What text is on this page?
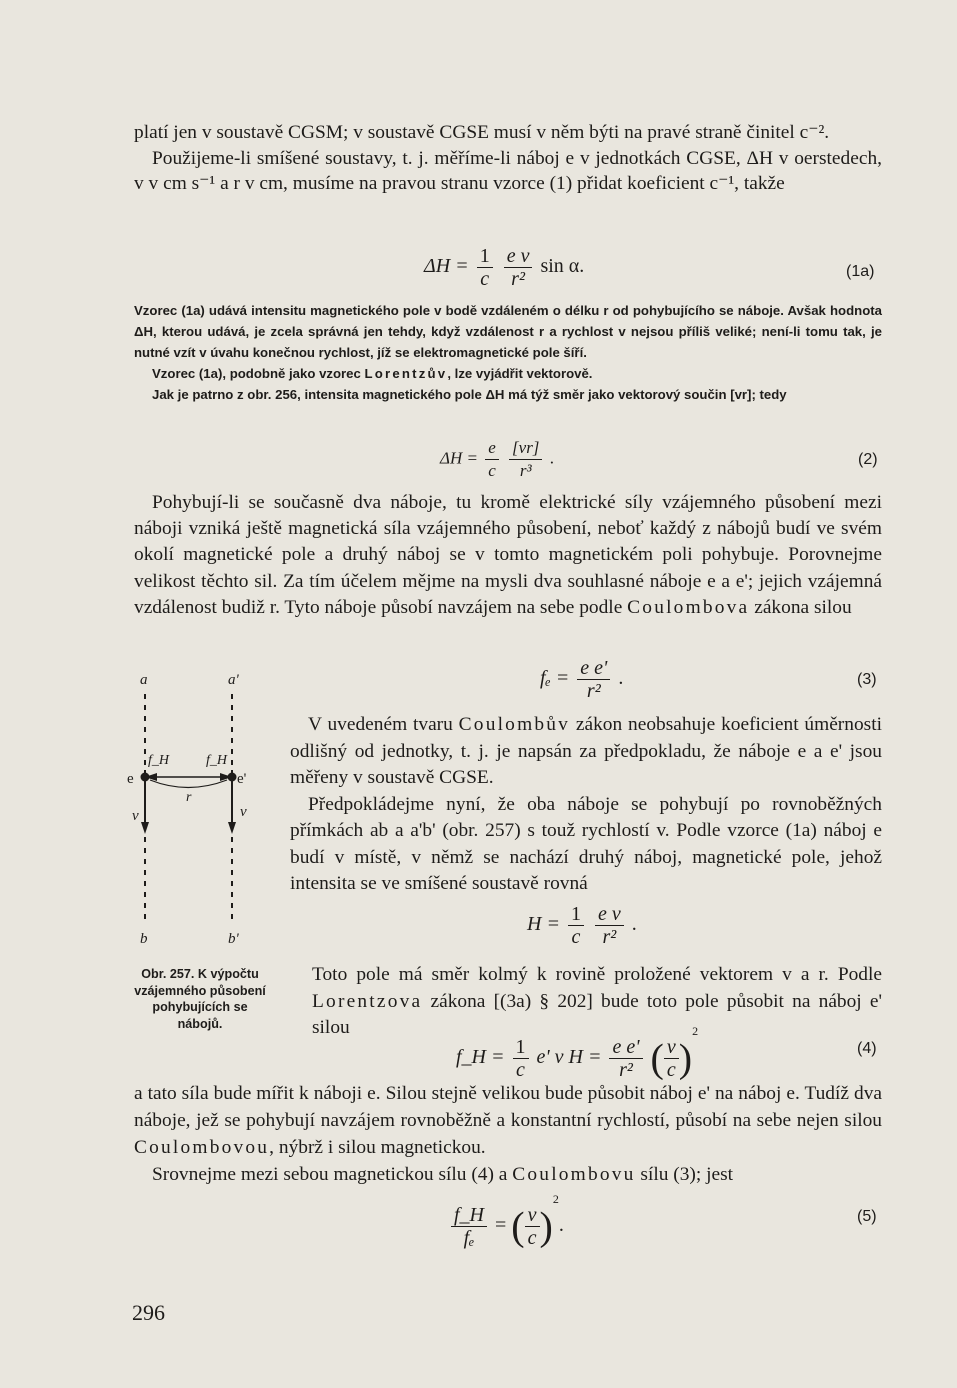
platí jen v soustavě CGSM; v soustavě CGSE musí v něm býti na pravé straně činitel c⁻².

Použijeme-li smíšené soustavy, t. j. měříme-li náboj e v jednotkách CGSE, ΔH v oerstedech, v v cm s⁻¹ a r v cm, musíme na pravou stranu vzorce (1) přidat koeficient c⁻¹, takže

$\Delta H = \frac{1}{c}$
$\frac{\text{e v}}{\text{r²}}$ sin α.	(1a)

Vzorec (1a) udává intensitu magnetického pole v bodě vzdáleném o délku r od pohybujícího se náboje. Avšak hodnota ΔH, kterou udává, je zcela správná jen tehdy, když vzdálenost r a rychlost v nejsou příliš veliké; není-li tomu tak, je nutné vzít v úvahu konečnou rychlost, jíž se elektromagnetické pole šíří.

Vzorec (1a), podobně jako vzorec Lorentzův, lze vyjádřit vektorově.

Jak je patrno z obr. 256, intensita magnetického pole ΔH má týž směr jako vektorový součin [vr]; tedy

$\Delta H = \frac{e}{c}$
$\frac{[vr]}{\text{r³}}$ .	(2)

Pohybují-li se současně dva náboje, tu kromě elektrické síly vzájemného působení mezi náboji vzniká ještě magnetická síla vzájemného působení, neboť každý z nábojů budí ve svém okolí magnetické pole a druhý náboj se v tomto magnetickém poli pohybuje. Porovnejme velikost těchto sil. Za tím účelem mějme na mysli dva souhlasné náboje e a e'; jejich vzájemná vzdálenost budiž r. Tyto náboje působí navzájem na sebe podle Coulombova zákona silou

$f_e = \frac{\text{e e'}}{\text{r²}}$ .	(3)
a	a'
b	b'
e	e'
f_H	f_H
r
v	v
Obr. 257. K výpočtu vzájemného působení pohybujících se nábojů.

V uvedeném tvaru Coulombův zákon neobsahuje koeficient úměrnosti odlišný od jednotky, t. j. je napsán za předpokladu, že náboje e a e' jsou měřeny v soustavě CGSE.

Předpokládejme nyní, že oba náboje se pohybují po rovnoběžných přímkách ab a a'b' (obr. 257) s touž rychlostí v. Podle vzorce (1a) náboj e budí v místě, v němž se nachází druhý náboj, magnetické pole, jehož intensita se ve smíšené soustavě rovná

$H = \frac{1}{c}$
$\frac{\text{e v}}{\text{r²}}$ .

Toto pole má směr kolmý k rovině proložené vektorem v a r. Podle Lorentzova zákona [(3a) § 202] bude toto pole působit na náboj e' silou

f_H = $\frac{1}{c} e'$ v $H = \frac{\text{e e'}}{\text{r²}}$ ( $\frac{v}{c} )^2$
(4)

a tato síla bude mířit k náboji e. Silou stejně velikou bude působit náboj e' na náboj e. Tudíž dva náboje, jež se pohybují navzájem rovnoběžně a konstantní rychlostí, působí na sebe nejen silou Coulombovou, nýbrž i silou magnetickou.

Srovnejme mezi sebou magnetickou sílu (4) a Coulombovu sílu (3); jest

$\frac{f\_H}{\text{fₑ}}$ = ( $\frac{v}{c} )^2$.	(5)
296
